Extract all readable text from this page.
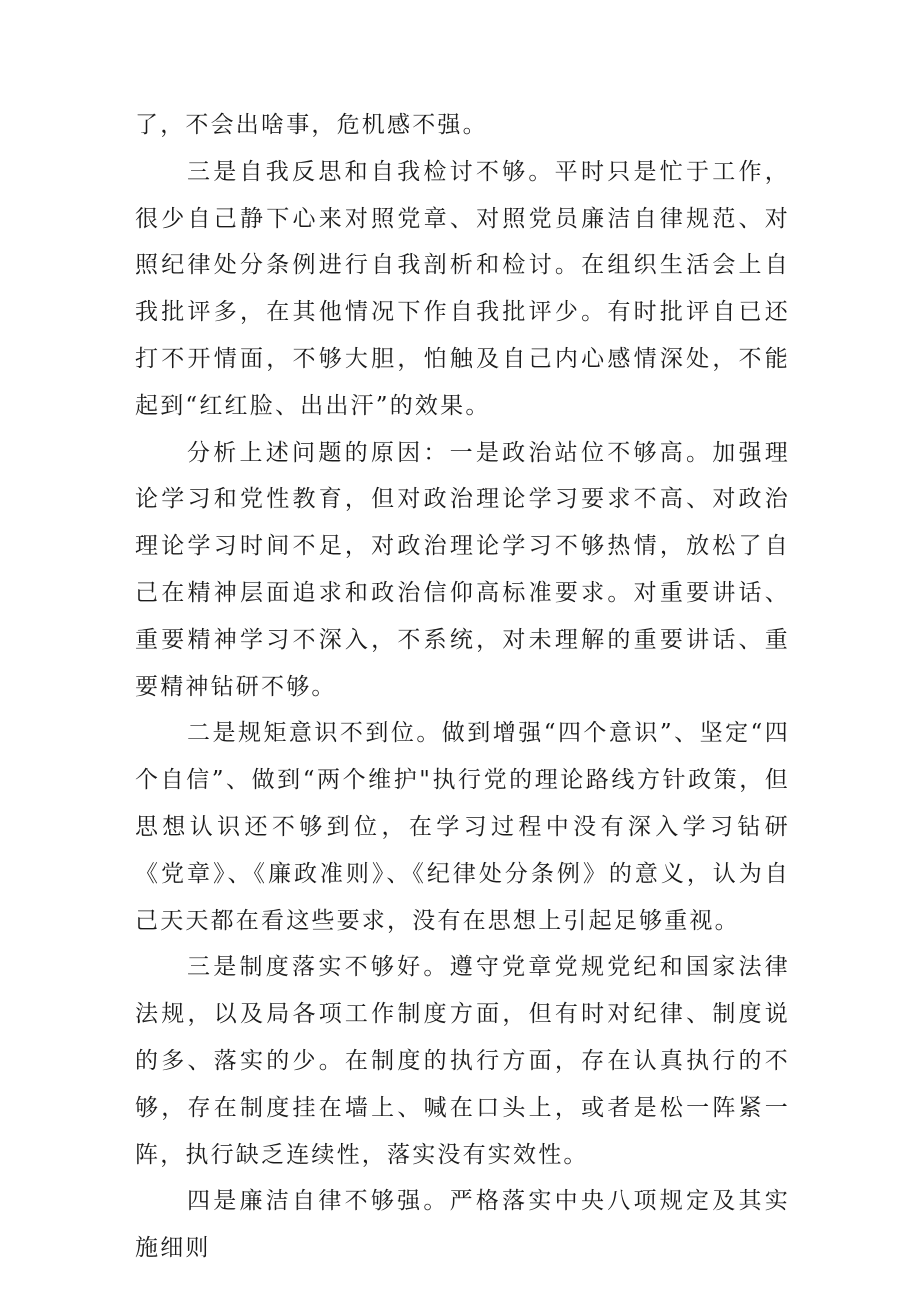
了，不会出啥事，危机感不强。

三是自我反思和自我检讨不够。平时只是忙于工作，很少自己静下心来对照党章、对照党员廉洁自律规范、对照纪律处分条例进行自我剖析和检讨。在组织生活会上自我批评多，在其他情况下作自我批评少。有时批评自已还打不开情面，不够大胆，怕触及自己内心感情深处，不能起到“红红脸、出出汗”的效果。

分析上述问题的原因：一是政治站位不够高。加强理论学习和党性教育，但对政治理论学习要求不高、对政治理论学习时间不足，对政治理论学习不够热情，放松了自己在精神层面追求和政治信仰高标准要求。对重要讲话、重要精神学习不深入，不系统，对未理解的重要讲话、重要精神钻研不够。

二是规矩意识不到位。做到增强“四个意识”、坚定“四个自信”、做到“两个维护"执行党的理论路线方针政策，但思想认识还不够到位，在学习过程中没有深入学习钻研《党章》、《廉政准则》、《纪律处分条例》的意义，认为自己天天都在看这些要求，没有在思想上引起足够重视。

三是制度落实不够好。遵守党章党规党纪和国家法律法规，以及局各项工作制度方面，但有时对纪律、制度说的多、落实的少。在制度的执行方面，存在认真执行的不够，存在制度挂在墙上、喊在口头上，或者是松一阵紧一阵，执行缺乏连续性，落实没有实效性。

四是廉洁自律不够强。严格落实中央八项规定及其实施细则
